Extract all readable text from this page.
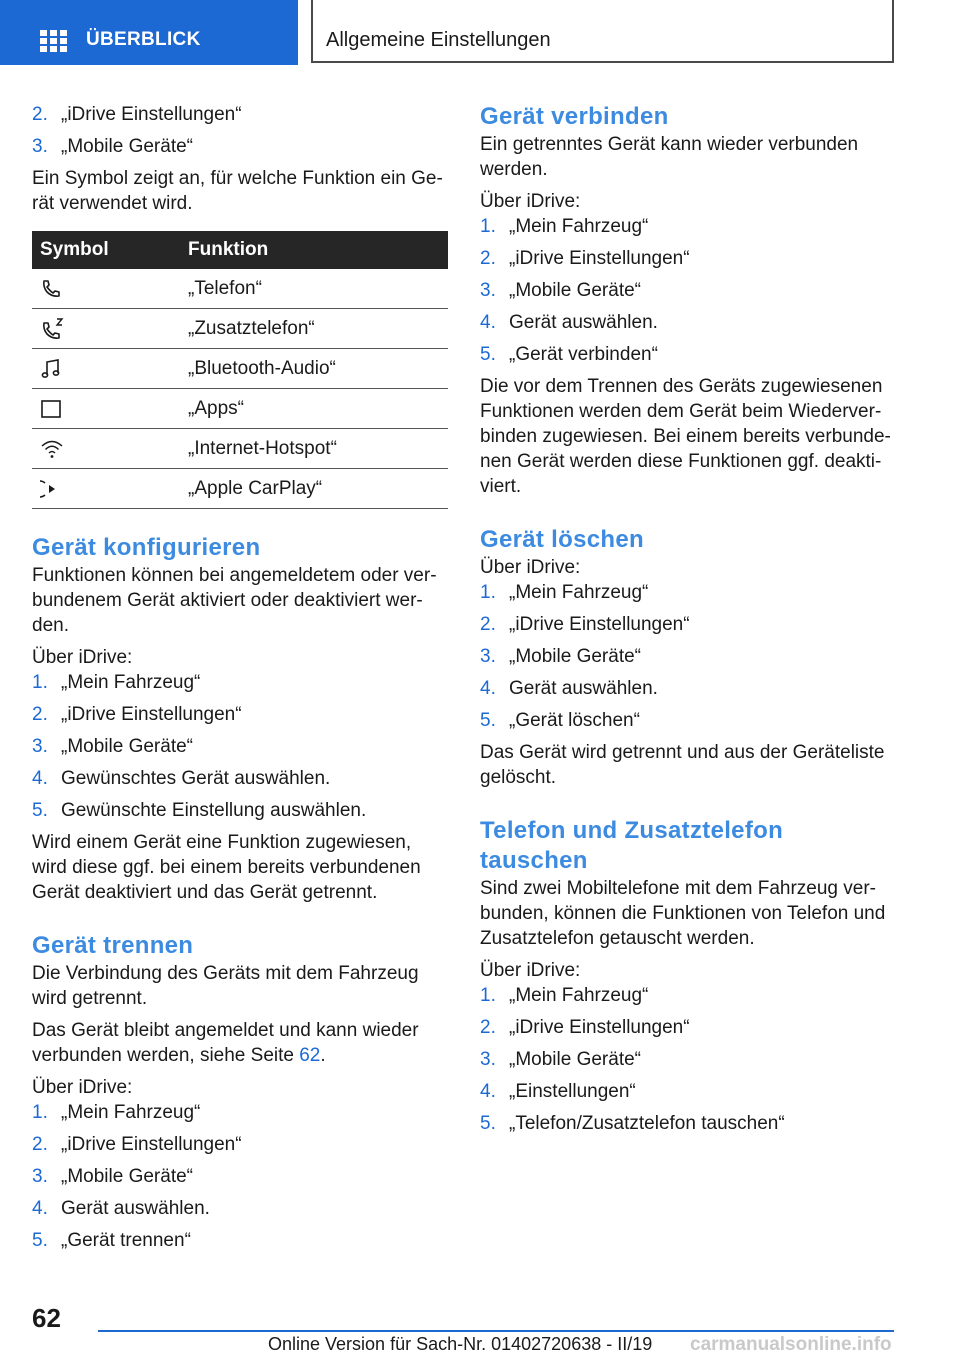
ÜBERBLICK	Allgemeine Einstellungen
2. „iDrive Einstellungen“
3. „Mobile Geräte“

Ein Symbol zeigt an, für welche Funktion ein Ge‐rät verwendet wird.

Symbol	Funktion

	„Telefon“

	„Zusatztelefon“

	„Bluetooth-Audio“

	„Apps“

	„Internet-Hotspot“

	„Apple CarPlay“
Gerät konfigurieren

Funktionen können bei angemeldetem oder ver‐bundenem Gerät aktiviert oder deaktiviert wer‐den.

Über iDrive:

1. „Mein Fahrzeug“
2. „iDrive Einstellungen“
3. „Mobile Geräte“
4. Gewünschtes Gerät auswählen.
5. Gewünschte Einstellung auswählen.

Wird einem Gerät eine Funktion zugewiesen, wird diese ggf. bei einem bereits verbundenen Gerät deaktiviert und das Gerät getrennt.

Gerät trennen

Die Verbindung des Geräts mit dem Fahrzeug wird getrennt.

Das Gerät bleibt angemeldet und kann wieder verbunden werden, siehe Seite 62.

Über iDrive:

1. „Mein Fahrzeug“
2. „iDrive Einstellungen“
3. „Mobile Geräte“
4. Gerät auswählen.
5. „Gerät trennen“
Gerät verbinden

Ein getrenntes Gerät kann wieder verbunden werden.

Über iDrive:

1. „Mein Fahrzeug“
2. „iDrive Einstellungen“
3. „Mobile Geräte“
4. Gerät auswählen.
5. „Gerät verbinden“

Die vor dem Trennen des Geräts zugewiesenen Funktionen werden dem Gerät beim Wiederver‐binden zugewiesen. Bei einem bereits verbunde‐nen Gerät werden diese Funktionen ggf. deakti‐viert.

Gerät löschen

Über iDrive:

1. „Mein Fahrzeug“
2. „iDrive Einstellungen“
3. „Mobile Geräte“
4. Gerät auswählen.
5. „Gerät löschen“

Das Gerät wird getrennt und aus der Geräteliste gelöscht.

Telefon und Zusatztelefon tauschen

Sind zwei Mobiltelefone mit dem Fahrzeug ver‐bunden, können die Funktionen von Telefon und Zusatztelefon getauscht werden.

Über iDrive:

1. „Mein Fahrzeug“
2. „iDrive Einstellungen“
3. „Mobile Geräte“
4. „Einstellungen“
5. „Telefon/Zusatztelefon tauschen“
62
Online Version für Sach-Nr. 01402720638 - II/19 carmanualsonline.info
